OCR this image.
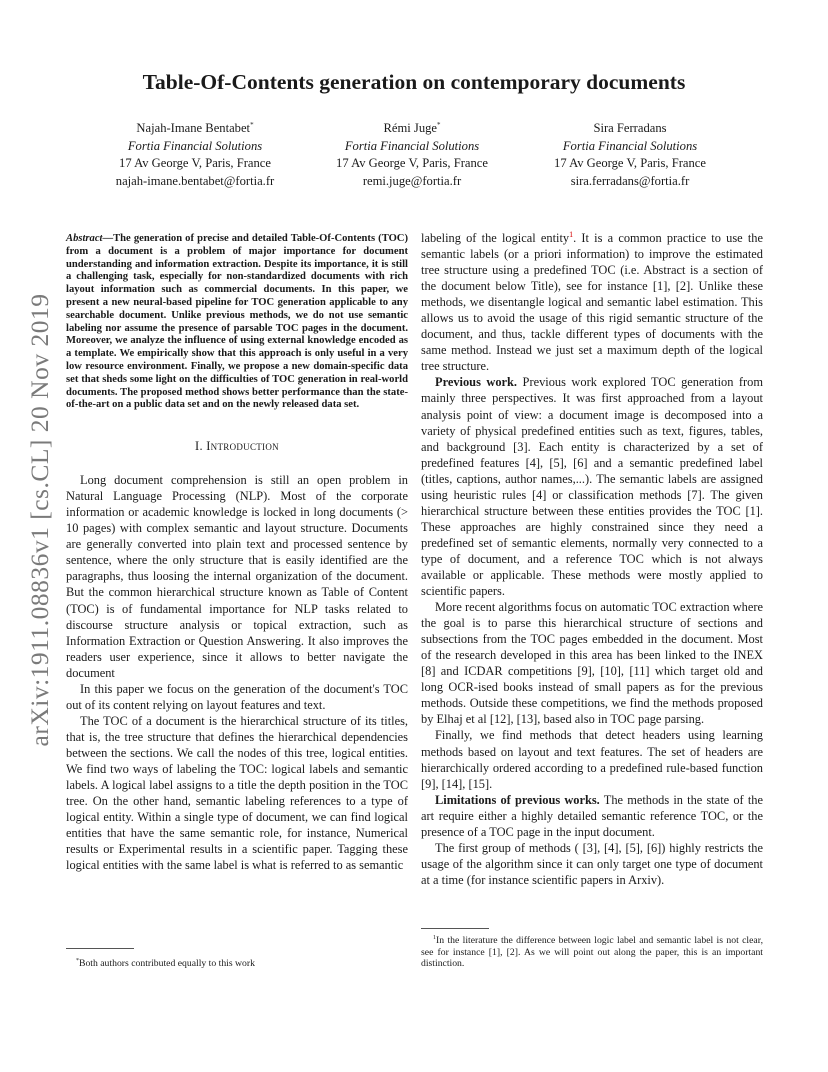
arXiv:1911.08836v1 [cs.CL] 20 Nov 2019
Table-Of-Contents generation on contemporary documents
Najah-Imane Bentabet*
Fortia Financial Solutions
17 Av George V, Paris, France
najah-imane.bentabet@fortia.fr
Rémi Juge*
Fortia Financial Solutions
17 Av George V, Paris, France
remi.juge@fortia.fr
Sira Ferradans
Fortia Financial Solutions
17 Av George V, Paris, France
sira.ferradans@fortia.fr
Abstract—The generation of precise and detailed Table-Of-Contents (TOC) from a document is a problem of major importance for document understanding and information extraction. Despite its importance, it is still a challenging task, especially for non-standardized documents with rich layout information such as commercial documents. In this paper, we present a new neural-based pipeline for TOC generation applicable to any searchable document. Unlike previous methods, we do not use semantic labeling nor assume the presence of parsable TOC pages in the document. Moreover, we analyze the influence of using external knowledge encoded as a template. We empirically show that this approach is only useful in a very low resource environment. Finally, we propose a new domain-specific data set that sheds some light on the difficulties of TOC generation in real-world documents. The proposed method shows better performance than the state-of-the-art on a public data set and on the newly released data set.
I. Introduction

Long document comprehension is still an open problem in Natural Language Processing (NLP). Most of the corporate information or academic knowledge is locked in long documents (> 10 pages) with complex semantic and layout structure. Documents are generally converted into plain text and processed sentence by sentence, where the only structure that is easily identified are the paragraphs, thus loosing the internal organization of the document. But the common hierarchical structure known as Table of Content (TOC) is of fundamental importance for NLP tasks related to discourse structure analysis or topical extraction, such as Information Extraction or Question Answering. It also improves the readers user experience, since it allows to better navigate the document

In this paper we focus on the generation of the document's TOC out of its content relying on layout features and text.

The TOC of a document is the hierarchical structure of its titles, that is, the tree structure that defines the hierarchical dependencies between the sections. We call the nodes of this tree, logical entities. We find two ways of labeling the TOC: logical labels and semantic labels. A logical label assigns to a title the depth position in the TOC tree. On the other hand, semantic labeling references to a type of logical entity. Within a single type of document, we can find logical entities that have the same semantic role, for instance, Numerical results or Experimental results in a scientific paper. Tagging these logical entities with the same label is what is referred to as semantic

*Both authors contributed equally to this work

labeling of the logical entity$^1$. It is a common practice to use the semantic labels (or a priori information) to improve the estimated tree structure using a predefined TOC (i.e. Abstract is a section of the document below Title), see for instance [1], [2]. Unlike these methods, we disentangle logical and semantic label estimation. This allows us to avoid the usage of this rigid semantic structure of the document, and thus, tackle different types of documents with the same method. Instead we just set a maximum depth of the logical tree structure.

Previous work. Previous work explored TOC generation from mainly three perspectives. It was first approached from a layout analysis point of view: a document image is decomposed into a variety of physical predefined entities such as text, figures, tables, and background [3]. Each entity is characterized by a set of predefined features [4], [5], [6] and a semantic predefined label (titles, captions, author names,...). The semantic labels are assigned using heuristic rules [4] or classification methods [7]. The given hierarchical structure between these entities provides the TOC [1]. These approaches are highly constrained since they need a predefined set of semantic elements, normally very connected to a type of document, and a reference TOC which is not always available or applicable. These methods were mostly applied to scientific papers.

More recent algorithms focus on automatic TOC extraction where the goal is to parse this hierarchical structure of sections and subsections from the TOC pages embedded in the document. Most of the research developed in this area has been linked to the INEX [8] and ICDAR competitions [9], [10], [11] which target old and long OCR-ised books instead of small papers as for the previous methods. Outside these competitions, we find the methods proposed by Elhaj et al [12], [13], based also in TOC page parsing.

Finally, we find methods that detect headers using learning methods based on layout and text features. The set of headers are hierarchically ordered according to a predefined rule-based function [9], [14], [15].

Limitations of previous works. The methods in the state of the art require either a highly detailed semantic reference TOC, or the presence of a TOC page in the input document.

The first group of methods ( [3], [4], [5], [6]) highly restricts the usage of the algorithm since it can only target one type of document at a time (for instance scientific papers in Arxiv).

$^1$In the literature the difference between logic label and semantic label is not clear, see for instance [1], [2]. As we will point out along the paper, this is an important distinction.
